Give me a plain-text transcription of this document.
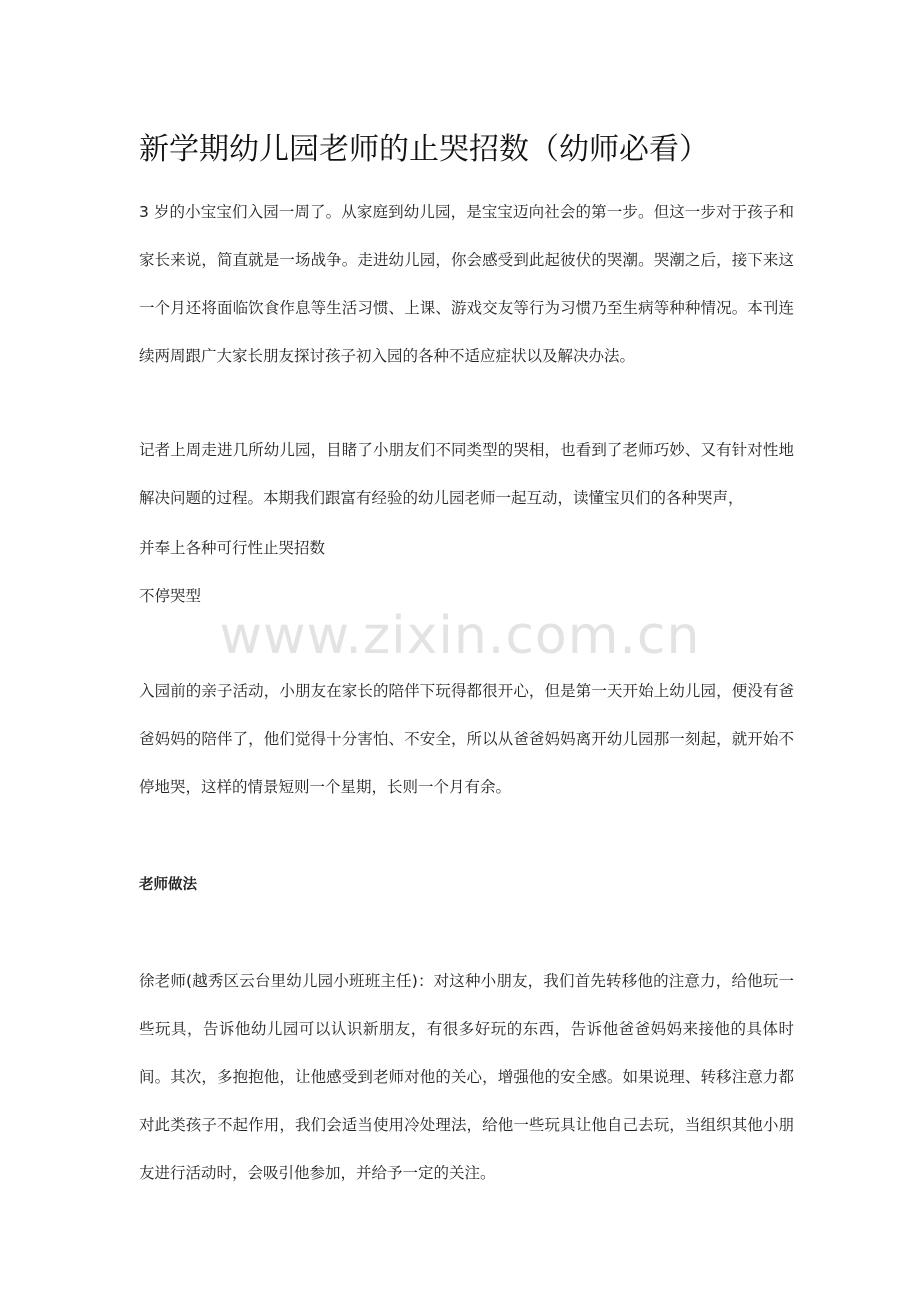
新学期幼儿园老师的止哭招数（幼师必看）

3 岁的小宝宝们入园一周了。从家庭到幼儿园，是宝宝迈向社会的第一步。但这一步对于孩子和家长来说，简直就是一场战争。走进幼儿园，你会感受到此起彼伏的哭潮。哭潮之后，接下来这一个月还将面临饮食作息等生活习惯、上课、游戏交友等行为习惯乃至生病等种种情况。本刊连续两周跟广大家长朋友探讨孩子初入园的各种不适应症状以及解决办法。

记者上周走进几所幼儿园，目睹了小朋友们不同类型的哭相，也看到了老师巧妙、又有针对性地解决问题的过程。本期我们跟富有经验的幼儿园老师一起互动，读懂宝贝们的各种哭声，

并奉上各种可行性止哭招数

不停哭型

入园前的亲子活动，小朋友在家长的陪伴下玩得都很开心，但是第一天开始上幼儿园，便没有爸爸妈妈的陪伴了，他们觉得十分害怕、不安全，所以从爸爸妈妈离开幼儿园那一刻起，就开始不停地哭，这样的情景短则一个星期，长则一个月有余。

老师做法

徐老师(越秀区云台里幼儿园小班班主任)：对这种小朋友，我们首先转移他的注意力，给他玩一些玩具，告诉他幼儿园可以认识新朋友，有很多好玩的东西，告诉他爸爸妈妈来接他的具体时间。其次，多抱抱他，让他感受到老师对他的关心，增强他的安全感。如果说理、转移注意力都对此类孩子不起作用，我们会适当使用冷处理法，给他一些玩具让他自己去玩，当组织其他小朋友进行活动时，会吸引他参加，并给予一定的关注。

www.zixin.com.cn
